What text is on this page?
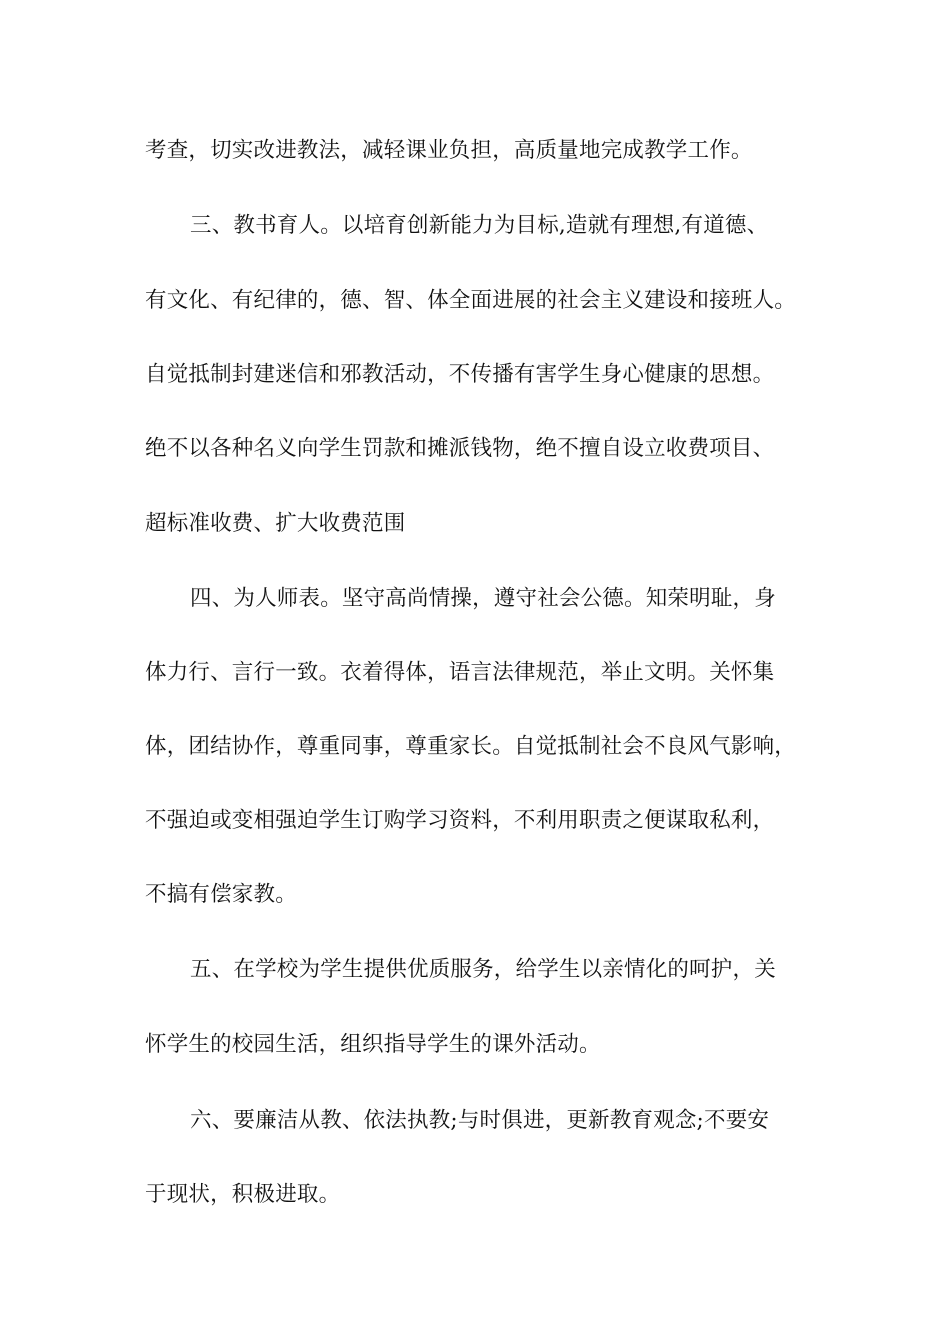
考查，切实改进教法，减轻课业负担，高质量地完成教学工作。
三、教书育人。以培育创新能力为目标,造就有理想,有道德、
有文化、有纪律的，德、智、体全面进展的社会主义建设和接班人。
自觉抵制封建迷信和邪教活动，不传播有害学生身心健康的思想。
绝不以各种名义向学生罚款和摊派钱物，绝不擅自设立收费项目、
超标准收费、扩大收费范围
四、为人师表。坚守高尚情操，遵守社会公德。知荣明耻，身
体力行、言行一致。衣着得体，语言法律规范，举止文明。关怀集
体，团结协作，尊重同事，尊重家长。自觉抵制社会不良风气影响，
不强迫或变相强迫学生订购学习资料，不利用职责之便谋取私利，
不搞有偿家教。
五、在学校为学生提供优质服务，给学生以亲情化的呵护，关
怀学生的校园生活，组织指导学生的课外活动。
六、要廉洁从教、依法执教;与时俱进，更新教育观念;不要安
于现状，积极进取。
